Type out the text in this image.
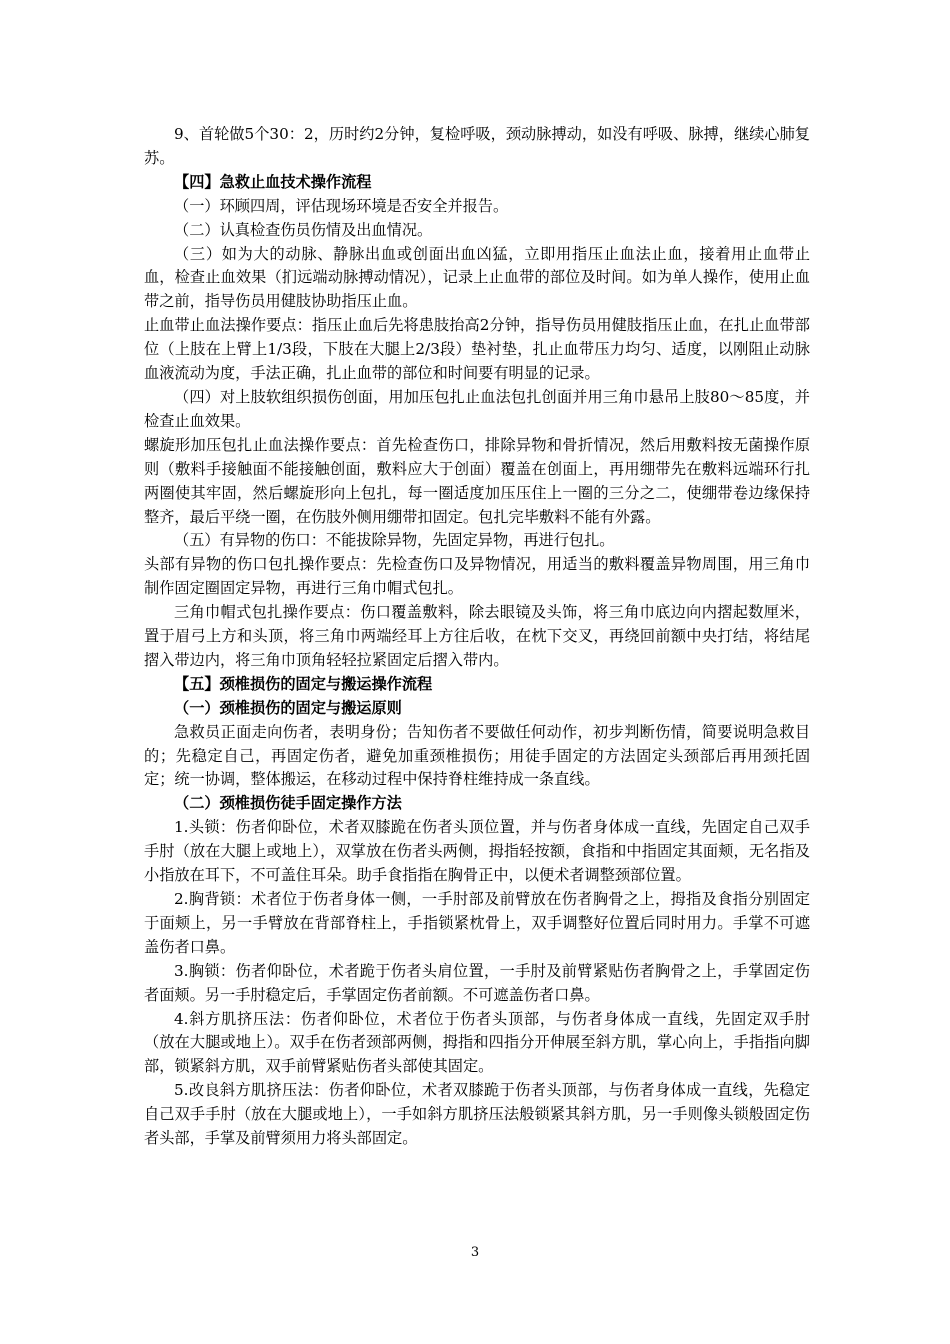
9、首轮做5个30：2，历时约2分钟，复检呼吸，颈动脉搏动，如没有呼吸、脉搏，继续心肺复苏。

【四】急救止血技术操作流程

（一）环顾四周，评估现场环境是否安全并报告。

（二）认真检查伤员伤情及出血情况。

（三）如为大的动脉、静脉出血或创面出血凶猛，立即用指压止血法止血，接着用止血带止血，检查止血效果（扪远端动脉搏动情况），记录上止血带的部位及时间。如为单人操作，使用止血带之前，指导伤员用健肢协助指压止血。

止血带止血法操作要点：指压止血后先将患肢抬高2分钟，指导伤员用健肢指压止血，在扎止血带部位（上肢在上臂上1/3段，下肢在大腿上2/3段）垫衬垫，扎止血带压力均匀、适度，以刚阻止动脉血液流动为度，手法正确，扎止血带的部位和时间要有明显的记录。

（四）对上肢软组织损伤创面，用加压包扎止血法包扎创面并用三角巾悬吊上肢80～85度，并检查止血效果。

螺旋形加压包扎止血法操作要点：首先检查伤口，排除异物和骨折情况，然后用敷料按无菌操作原则（敷料手接触面不能接触创面，敷料应大于创面）覆盖在创面上，再用绷带先在敷料远端环行扎两圈使其牢固，然后螺旋形向上包扎，每一圈适度加压压住上一圈的三分之二，使绷带卷边缘保持整齐，最后平绕一圈，在伤肢外侧用绷带扣固定。包扎完毕敷料不能有外露。

（五）有异物的伤口：不能拔除异物，先固定异物，再进行包扎。

头部有异物的伤口包扎操作要点：先检查伤口及异物情况，用适当的敷料覆盖异物周围，用三角巾制作固定圈固定异物，再进行三角巾帽式包扎。

三角巾帽式包扎操作要点：伤口覆盖敷料，除去眼镜及头饰，将三角巾底边向内摺起数厘米，置于眉弓上方和头顶，将三角巾两端经耳上方往后收，在枕下交叉，再绕回前额中央打结，将结尾摺入带边内，将三角巾顶角轻轻拉紧固定后摺入带内。

【五】颈椎损伤的固定与搬运操作流程

（一）颈椎损伤的固定与搬运原则

急救员正面走向伤者，表明身份；告知伤者不要做任何动作，初步判断伤情，简要说明急救目的；先稳定自己，再固定伤者，避免加重颈椎损伤；用徒手固定的方法固定头颈部后再用颈托固定；统一协调，整体搬运，在移动过程中保持脊柱维持成一条直线。

（二）颈椎损伤徒手固定操作方法

1.头锁：伤者仰卧位，术者双膝跪在伤者头顶位置，并与伤者身体成一直线，先固定自己双手手肘（放在大腿上或地上），双掌放在伤者头两侧，拇指轻按额，食指和中指固定其面颊，无名指及小指放在耳下，不可盖住耳朵。助手食指指在胸骨正中，以便术者调整颈部位置。

2.胸背锁：术者位于伤者身体一侧，一手肘部及前臂放在伤者胸骨之上，拇指及食指分别固定于面颊上，另一手臂放在背部脊柱上，手指锁紧枕骨上，双手调整好位置后同时用力。手掌不可遮盖伤者口鼻。

3.胸锁：伤者仰卧位，术者跪于伤者头肩位置，一手肘及前臂紧贴伤者胸骨之上，手掌固定伤者面颊。另一手肘稳定后，手掌固定伤者前额。不可遮盖伤者口鼻。

4.斜方肌挤压法：伤者仰卧位，术者位于伤者头顶部，与伤者身体成一直线，先固定双手肘（放在大腿或地上）。双手在伤者颈部两侧，拇指和四指分开伸展至斜方肌，掌心向上，手指指向脚部，锁紧斜方肌，双手前臂紧贴伤者头部使其固定。

5.改良斜方肌挤压法：伤者仰卧位，术者双膝跪于伤者头顶部，与伤者身体成一直线，先稳定自己双手手肘（放在大腿或地上），一手如斜方肌挤压法般锁紧其斜方肌，另一手则像头锁般固定伤者头部，手掌及前臂须用力将头部固定。

3
